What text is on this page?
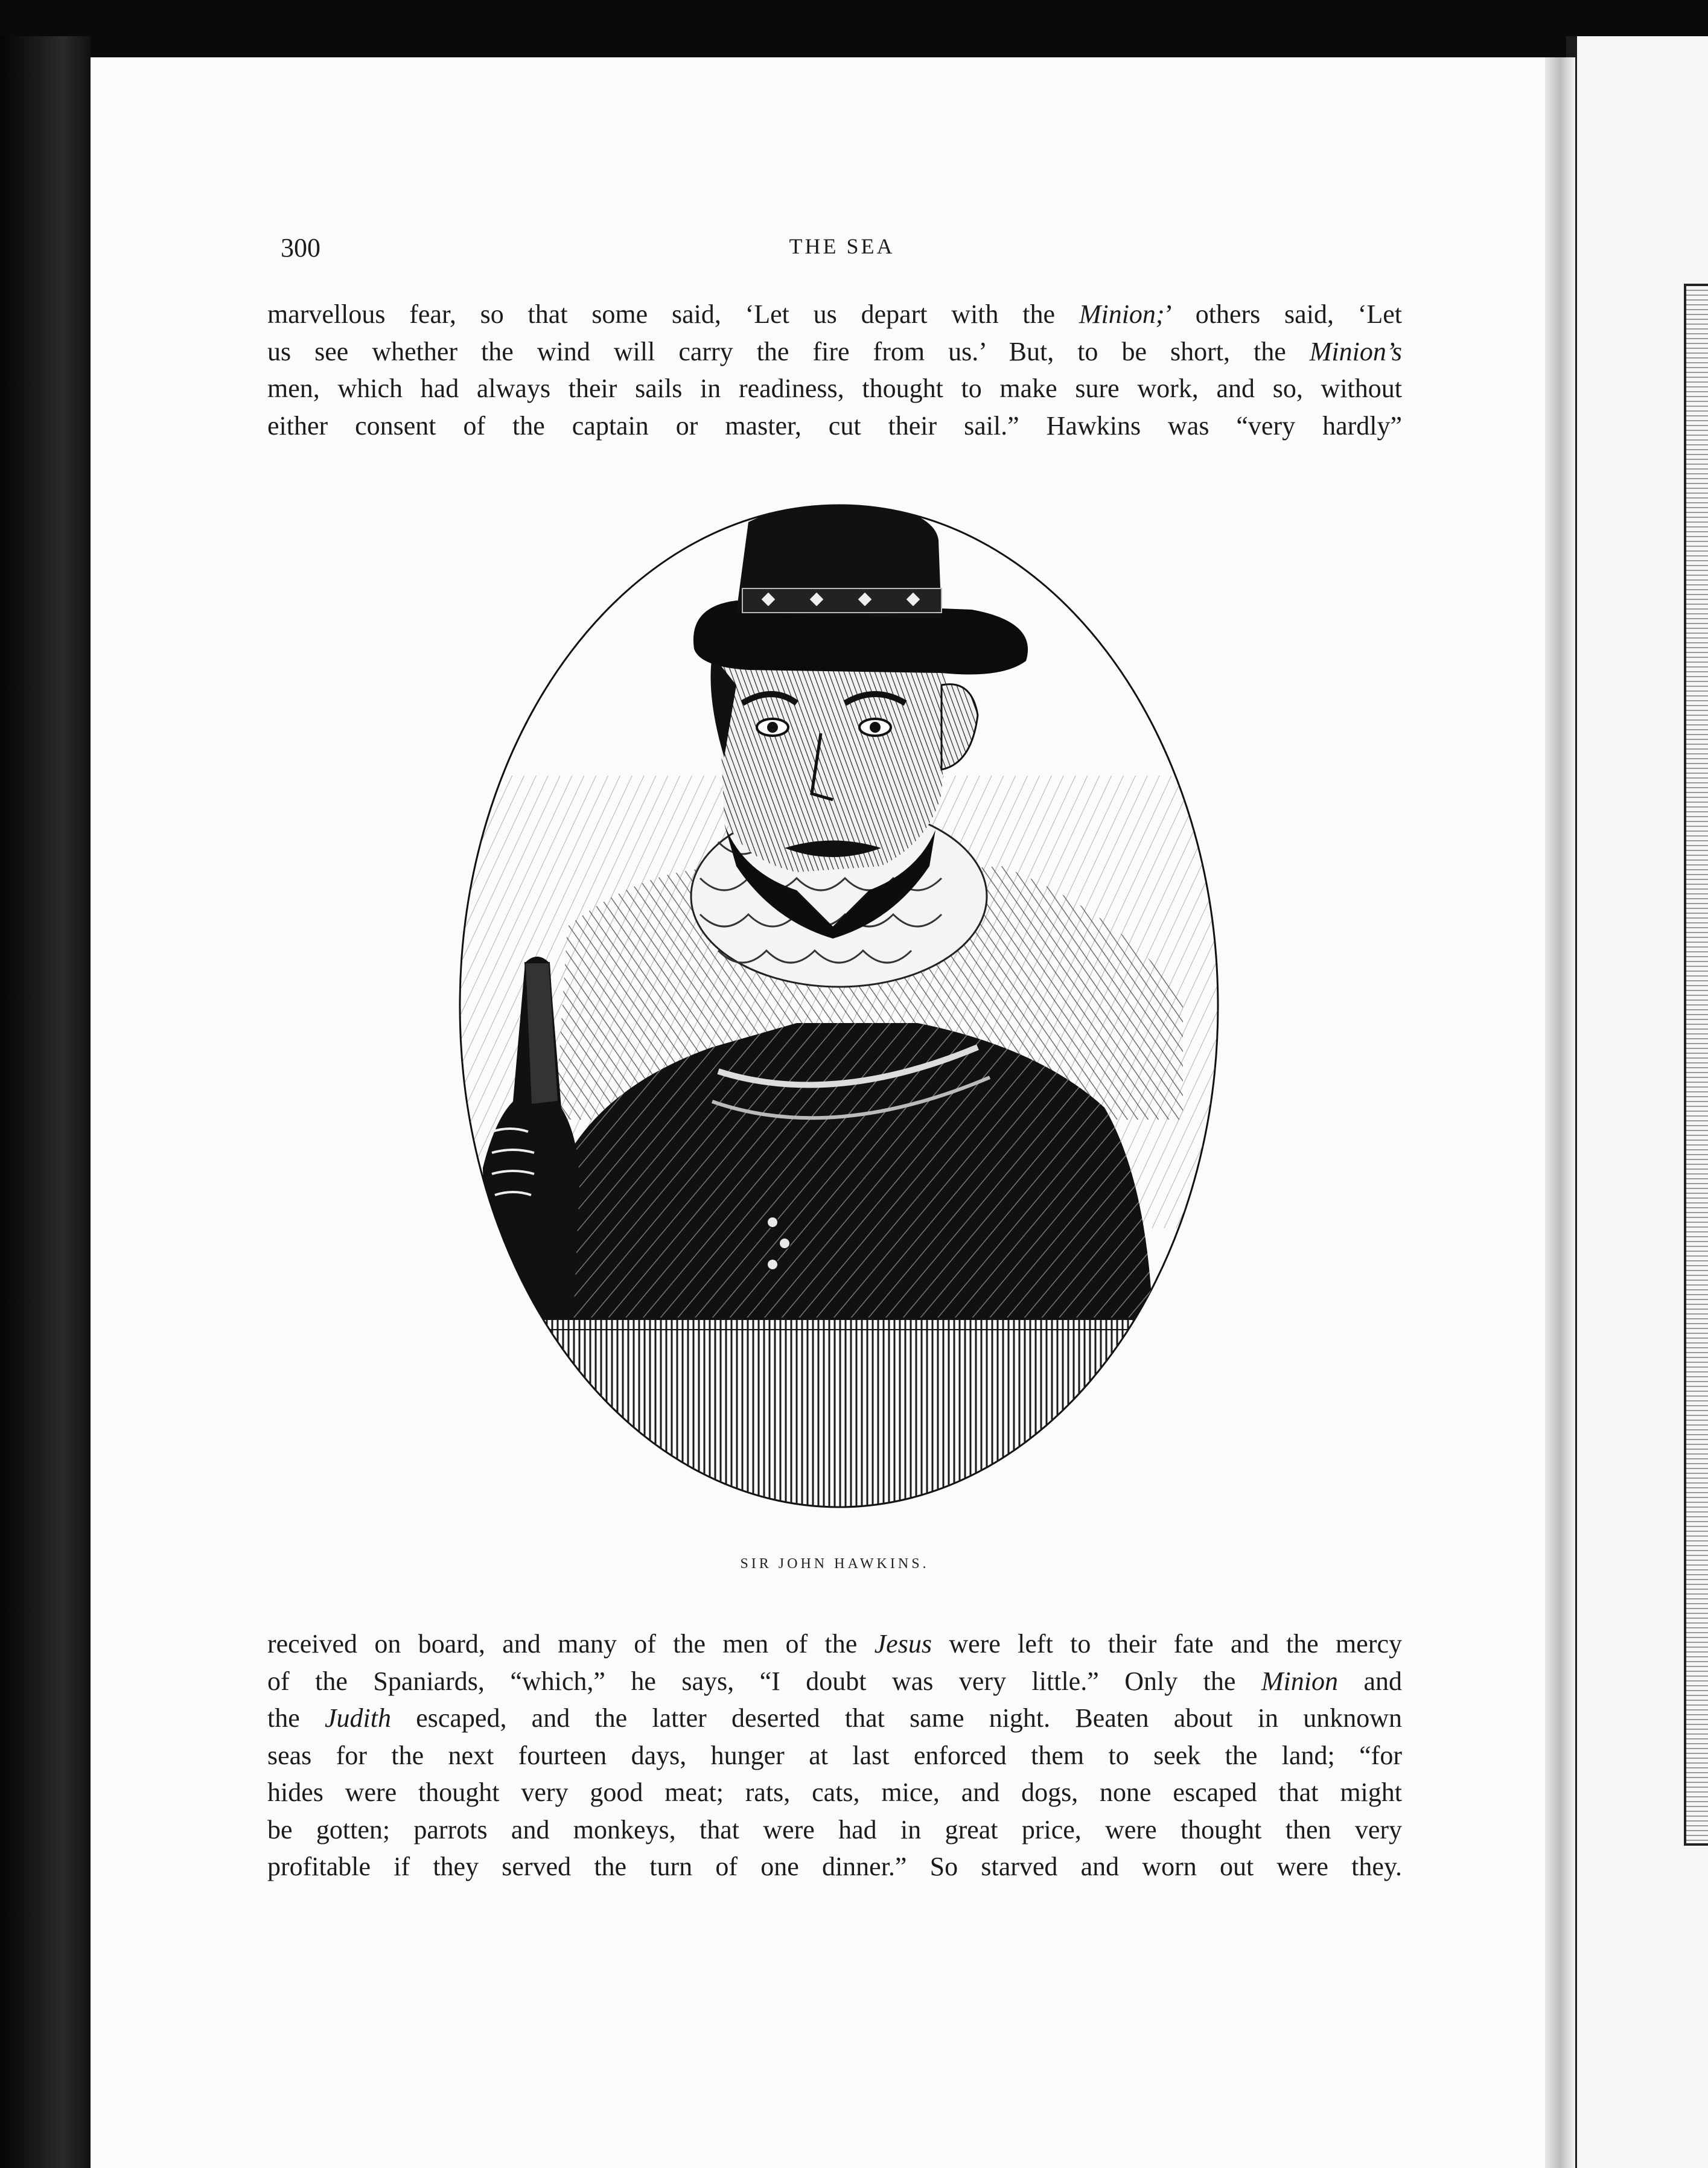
300	THE SEA

marvellous fear, so that some said, ‘Let us depart with the Minion;’ others said, ‘Let
us see whether the wind will carry the fire from us.’ But, to be short, the Minion’s
men, which had always their sails in readiness, thought to make sure work, and so, without
either consent of the captain or master, cut their sail.” Hawkins was “very hardly”

SIR JOHN HAWKINS.

received on board, and many of the men of the Jesus were left to their fate and the mercy
of the Spaniards, “which,” he says, “I doubt was very little.” Only the Minion and
the Judith escaped, and the latter deserted that same night. Beaten about in unknown
seas for the next fourteen days, hunger at last enforced them to seek the land; “for
hides were thought very good meat; rats, cats, mice, and dogs, none escaped that might
be gotten; parrots and monkeys, that were had in great price, were thought then very
profitable if they served the turn of one dinner.” So starved and worn out were they.
